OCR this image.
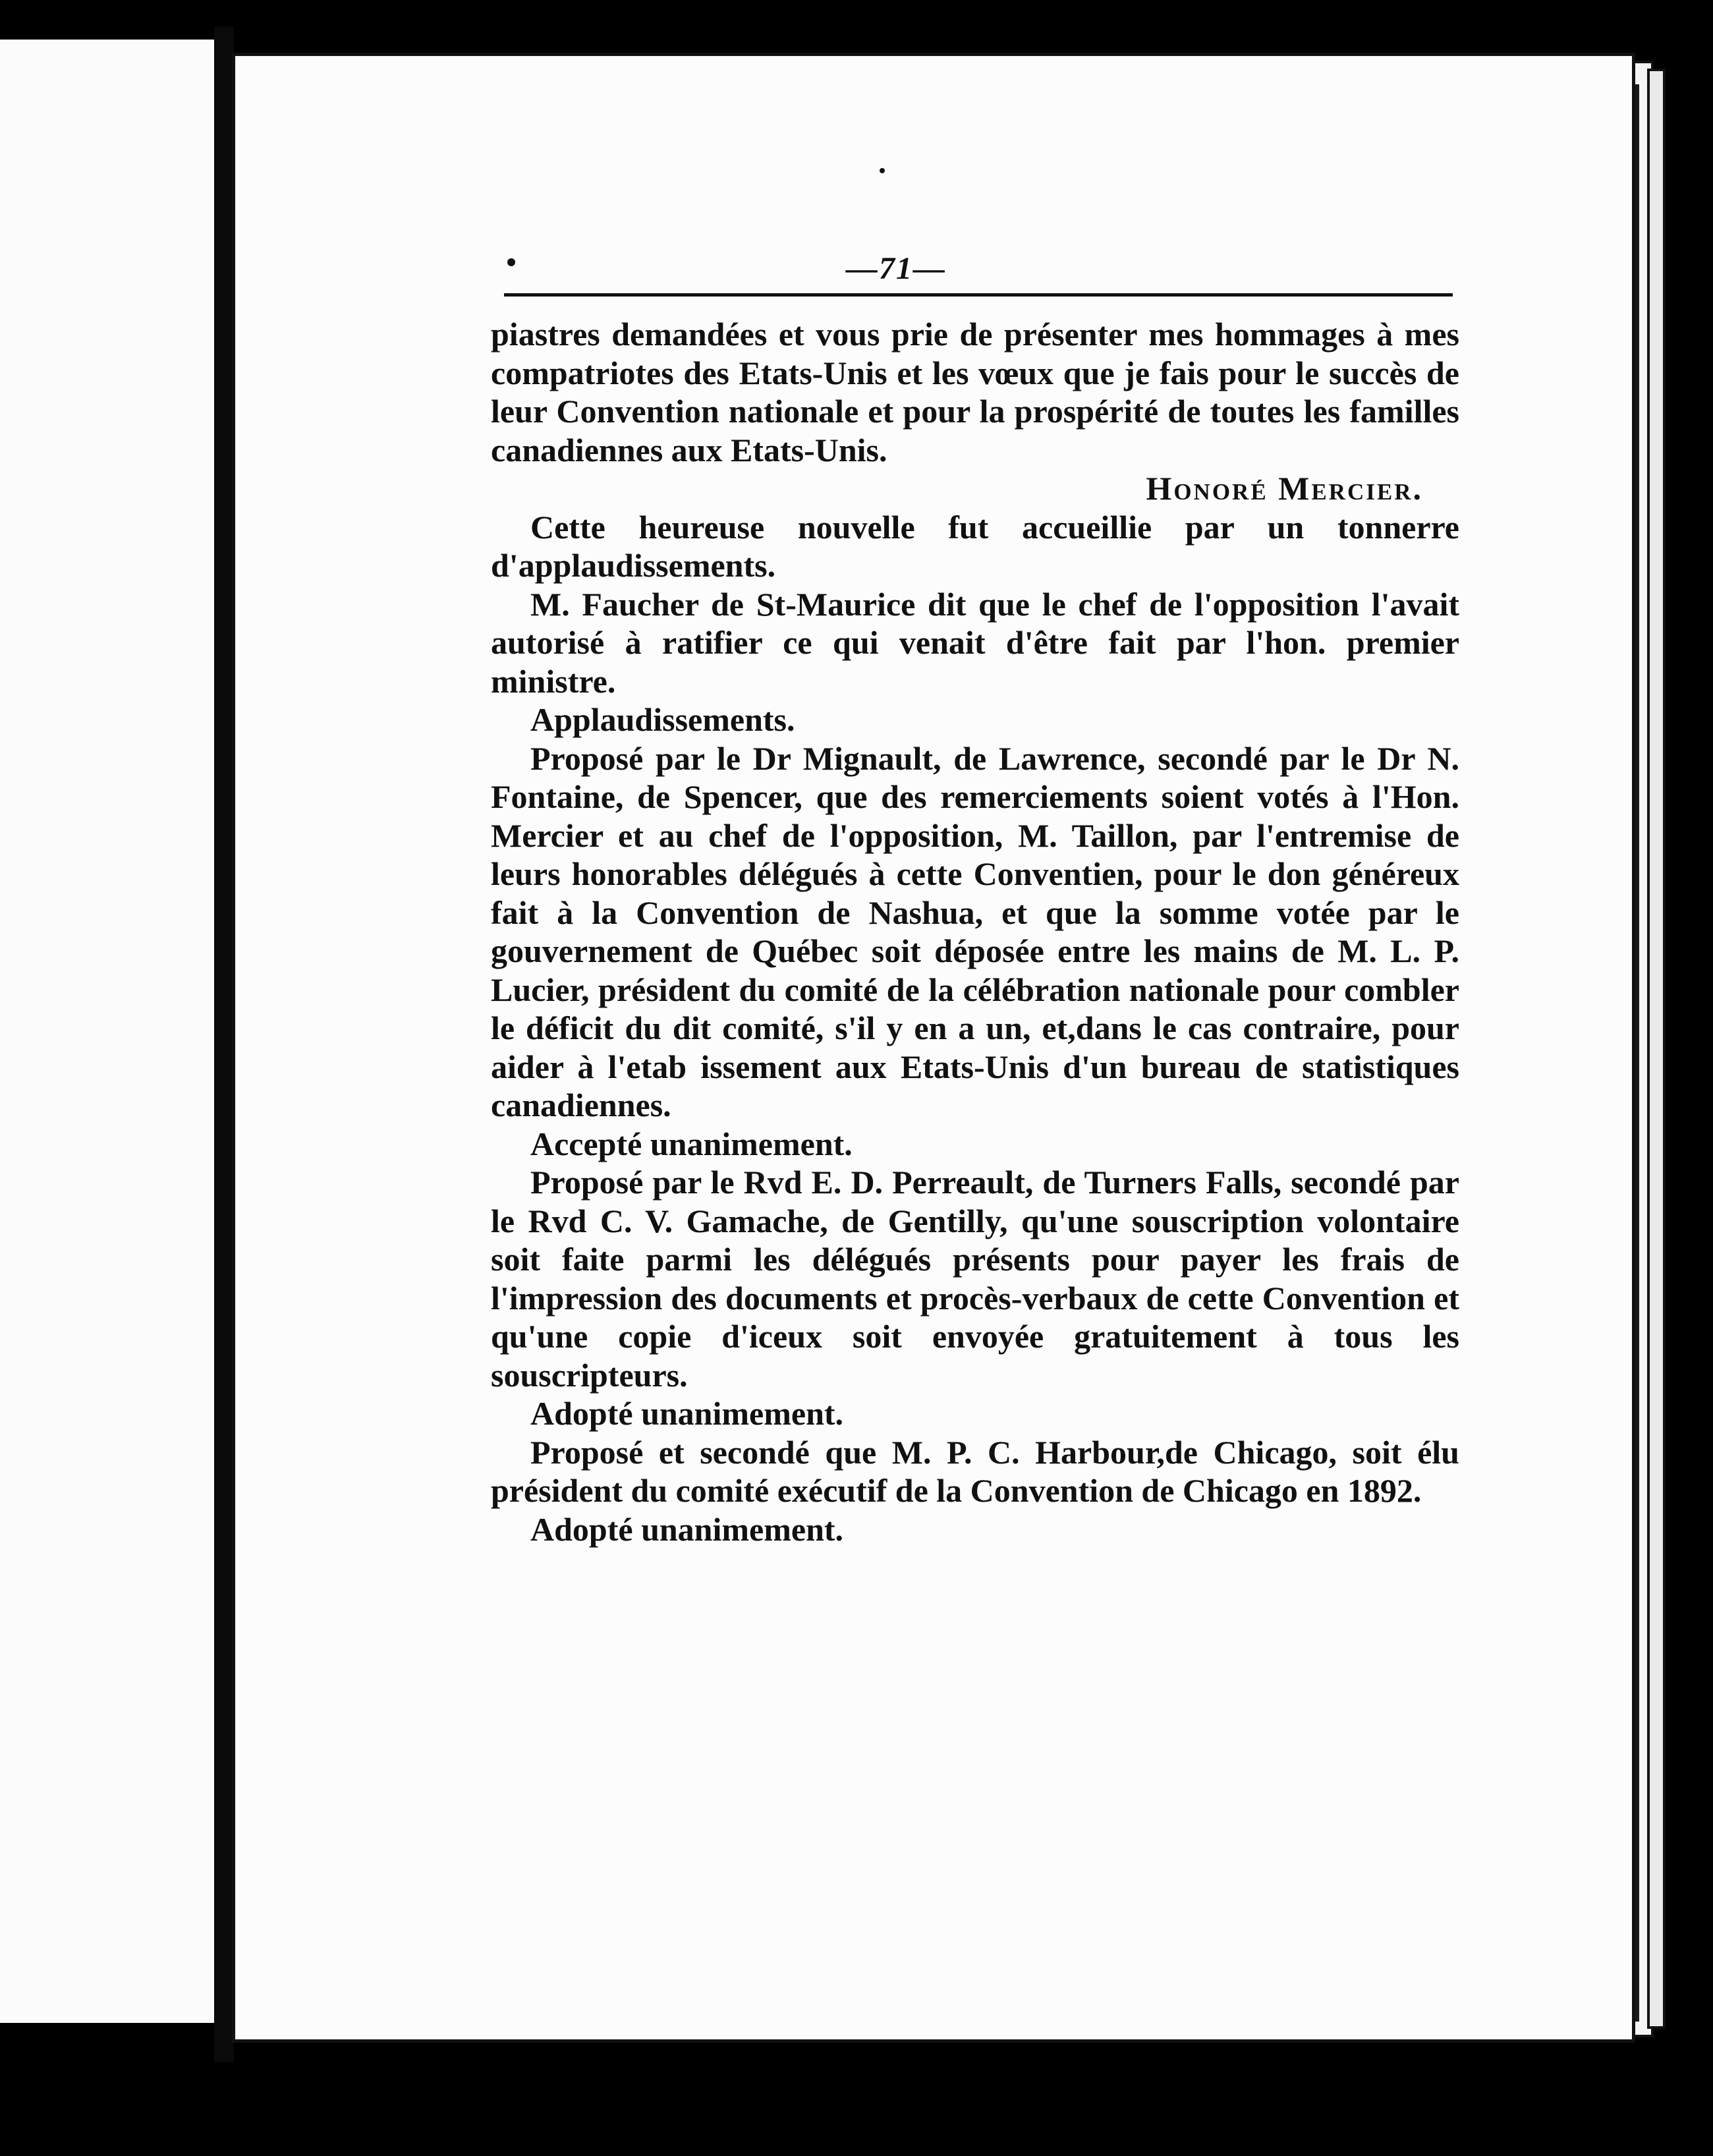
—71—

piastres demandées et vous prie de présenter mes hommages à mes compatriotes des Etats-Unis et les vœux que je fais pour le succès de leur Convention nationale et pour la prospérité de toutes les familles canadiennes aux Etats-Unis.

Honoré Mercier.

Cette heureuse nouvelle fut accueillie par un tonnerre d'applaudissements.

M. Faucher de St-Maurice dit que le chef de l'opposition l'avait autorisé à ratifier ce qui venait d'être fait par l'hon. premier ministre.

Applaudissements.

Proposé par le Dr Mignault, de Lawrence, secondé par le Dr N. Fontaine, de Spencer, que des remerciements soient votés à l'Hon. Mercier et au chef de l'opposition, M. Taillon, par l'entremise de leurs honorables délégués à cette Conventien, pour le don généreux fait à la Convention de Nashua, et que la somme votée par le gouvernement de Québec soit déposée entre les mains de M. L. P. Lucier, président du comité de la célébration nationale pour combler le déficit du dit comité, s'il y en a un, et,dans le cas contraire, pour aider à l'etab issement aux Etats-Unis d'un bureau de statistiques canadiennes.

Accepté unanimement.

Proposé par le Rvd E. D. Perreault, de Turners Falls, secondé par le Rvd C. V. Gamache, de Gentilly, qu'une souscription volontaire soit faite parmi les délégués présents pour payer les frais de l'impression des documents et procès-verbaux de cette Convention et qu'une copie d'iceux soit envoyée gratuitement à tous les souscripteurs.

Adopté unanimement.

Proposé et secondé que M. P. C. Harbour,de Chicago, soit élu président du comité exécutif de la Convention de Chicago en 1892.

Adopté unanimement.
